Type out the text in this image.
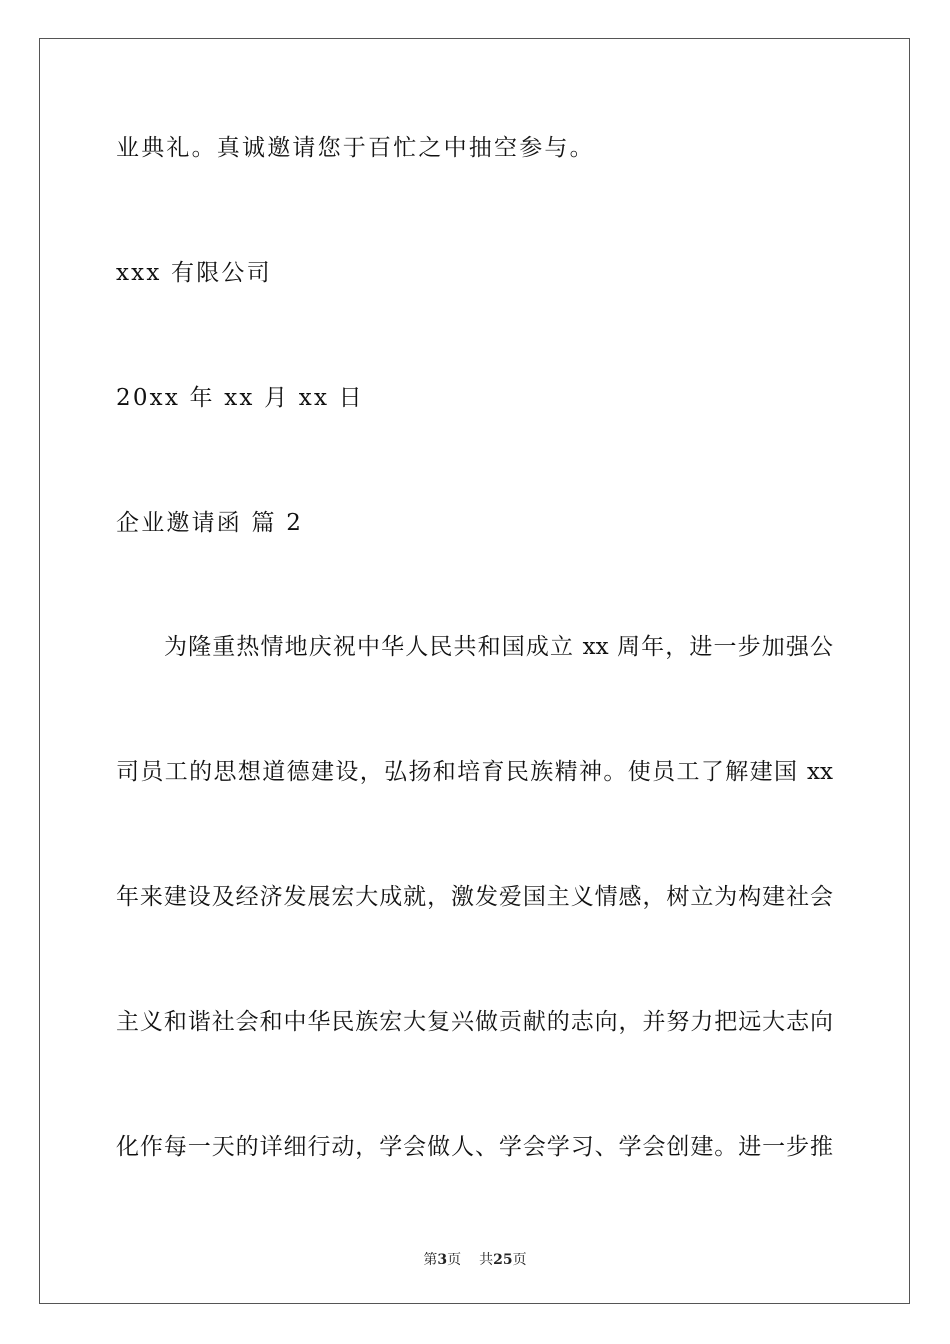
业典礼。真诚邀请您于百忙之中抽空参与。
xxx 有限公司
20xx 年 xx 月 xx 日
企业邀请函 篇 2
为隆重热情地庆祝中华人民共和国成立 xx 周年，进一步加强公
司员工的思想道德建设，弘扬和培育民族精神。使员工了解建国 xx
年来建设及经济发展宏大成就，激发爱国主义情感，树立为构建社会
主义和谐社会和中华民族宏大复兴做贡献的志向，并努力把远大志向
化作每一天的详细行动，学会做人、学会学习、学会创建。进一步推
第3页 共25页
